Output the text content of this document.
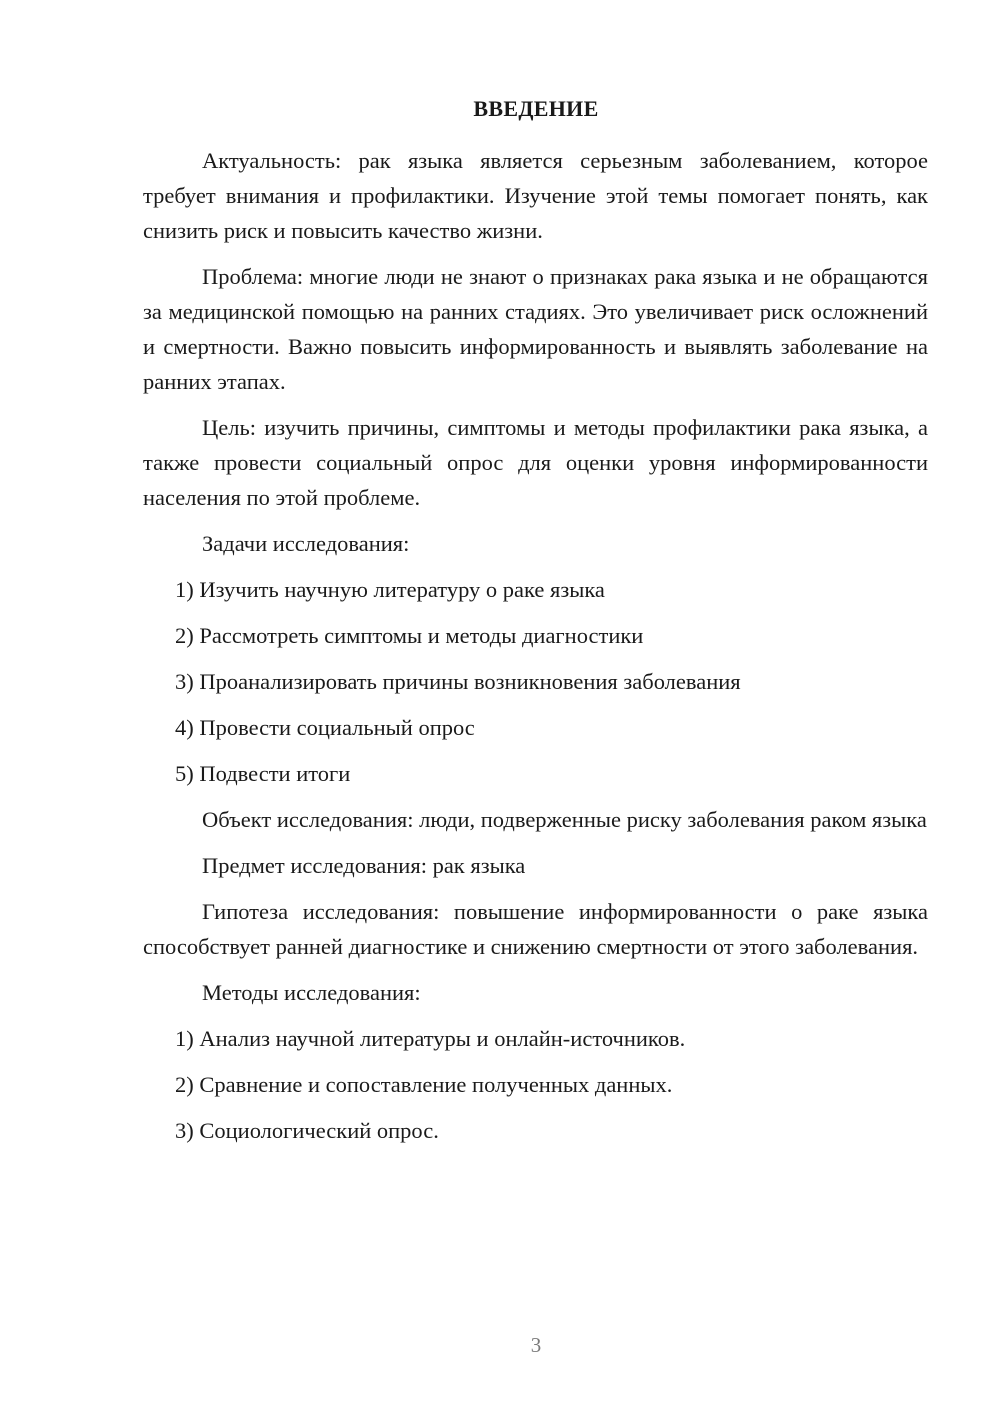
ВВЕДЕНИЕ

Актуальность: рак языка является серьезным заболеванием, которое требует внимания и профилактики. Изучение этой темы помогает понять, как снизить риск и повысить качество жизни.

Проблема: многие люди не знают о признаках рака языка и не обращаются за медицинской помощью на ранних стадиях. Это увеличивает риск осложнений и смертности. Важно повысить информированность и выявлять заболевание на ранних этапах.

Цель: изучить причины, симптомы и методы профилактики рака языка, а также провести социальный опрос для оценки уровня информированности населения по этой проблеме.

Задачи исследования:

1) Изучить научную литературу о раке языка

2) Рассмотреть симптомы и методы диагностики

3) Проанализировать причины возникновения заболевания

4) Провести социальный опрос

5) Подвести итоги

Объект исследования: люди, подверженные риску заболевания раком языка

Предмет исследования: рак языка

Гипотеза исследования: повышение информированности о раке языка способствует ранней диагностике и снижению смертности от этого заболевания.

Методы исследования:

1) Анализ научной литературы и онлайн-источников.

2) Сравнение и сопоставление полученных данных.

3) Социологический опрос.

3
